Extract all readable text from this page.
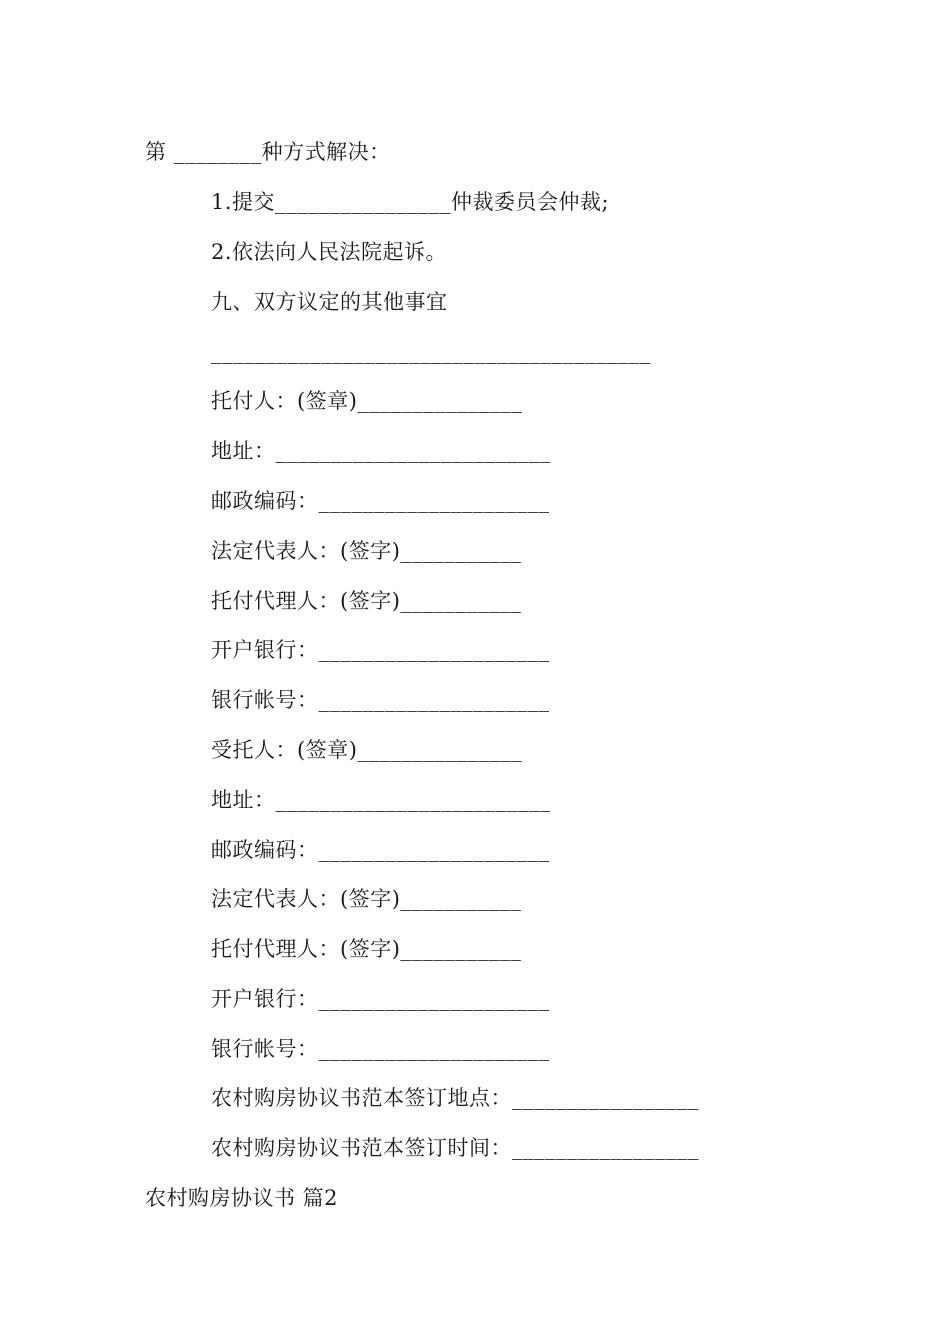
第 ________种方式解决：
1.提交________________仲裁委员会仲裁;
2.依法向人民法院起诉。
九、双方议定的其他事宜
________________________________________
托付人：(签章)_______________
地址：_________________________
邮政编码：_____________________
法定代表人：(签字)___________
托付代理人：(签字)___________
开户银行：_____________________
银行帐号：_____________________
受托人：(签章)_______________
地址：_________________________
邮政编码：_____________________
法定代表人：(签字)___________
托付代理人：(签字)___________
开户银行：_____________________
银行帐号：_____________________
农村购房协议书范本签订地点：_________________
农村购房协议书范本签订时间：_________________
农村购房协议书 篇2
